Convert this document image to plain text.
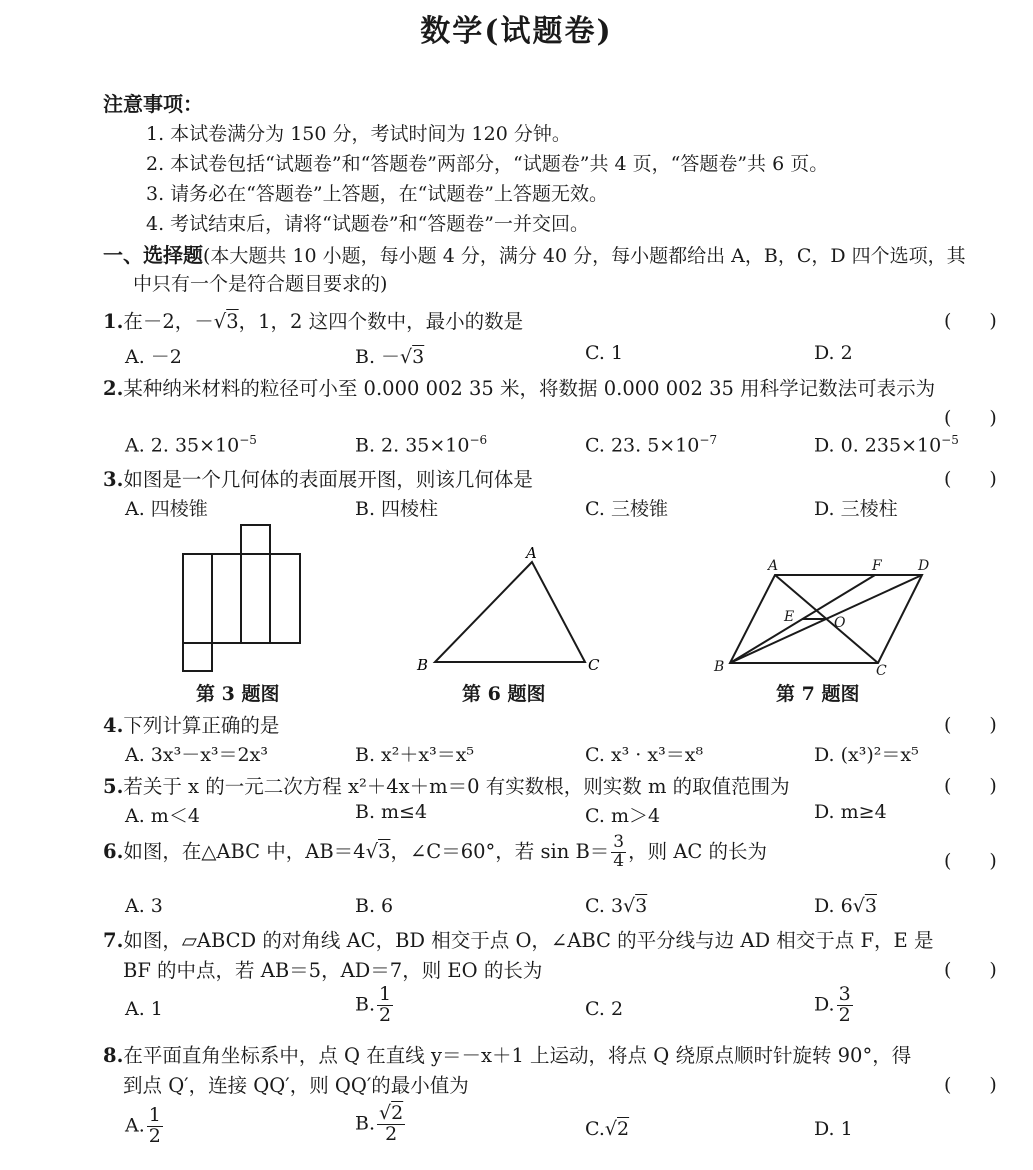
数学(试题卷)
注意事项：
1. 本试卷满分为 150 分，考试时间为 120 分钟。
2. 本试卷包括“试题卷”和“答题卷”两部分，“试题卷”共 4 页，“答题卷”共 6 页。
3. 请务必在“答题卷”上答题，在“试题卷”上答题无效。
4. 考试结束后，请将“试题卷”和“答题卷”一并交回。
一、选择题(本大题共 10 小题，每小题 4 分，满分 40 分，每小题都给出 A，B，C，D 四个选项，其
中只有一个是符合题目要求的)
1.在－2，－√3，1，2 这四个数中，最小的数是	(　　)
A. －2	B. －√3	C. 1	D. 2
2.某种纳米材料的粒径可小至 0.000 002 35 米，将数据 0.000 002 35 用科学记数法可表示为
(　　)
A. 2. $35\times 10^{-5}$	B. 2. $35\times 10^{-6}$	C. 23. $5\times 10^{-7}$	D. 0. $235\times 10^{-5}$
3.如图是一个几何体的表面展开图，则该几何体是	(　　)
A. 四棱锥	B. 四棱柱	C. 三棱锥	D. 三棱柱
第 3 题图
A
B	C
第 6 题图
A	F	D
E	O
B	C
第 7 题图
4.下列计算正确的是	(　　)
A. 3x³－x³＝2x³	B. x²＋x³＝x⁵	C. x³ · x³＝x⁸	D. (x³)²＝x⁵
5.若关于 x 的一元二次方程 x²＋4x＋m＝0 有实数根，则实数 m 的取值范围为	(　　)
A. m＜4	B. m≤4	C. m＞4	D. m≥4
6.如图，在△ABC 中，AB＝4√3，∠C＝60°，若 $\sin B= \frac{3}{4}$ ，则 AC 的长为	(　　)
A. 3	B. 6	C. 3√3	D. 6√3
7.如图，▱ABCD 的对角线 AC，BD 相交于点 O，∠ABC 的平分线与边 AD 相交于点 F，E 是
BF 的中点，若 AB＝5，AD＝7，则 EO 的长为	(　　)
A. 1	B. $\frac{1}{2}$	C. 2	D. $\frac{3}{2}$
8.在平面直角坐标系中，点 Q 在直线 y＝－x＋1 上运动，将点 Q 绕原点顺时针旋转 90°，得
到点 Q′，连接 QQ′，则 QQ′的最小值为	(　　)
A. $\frac{1}{2}$	B. $\frac{√2}{2}$	C.√2	D. 1
